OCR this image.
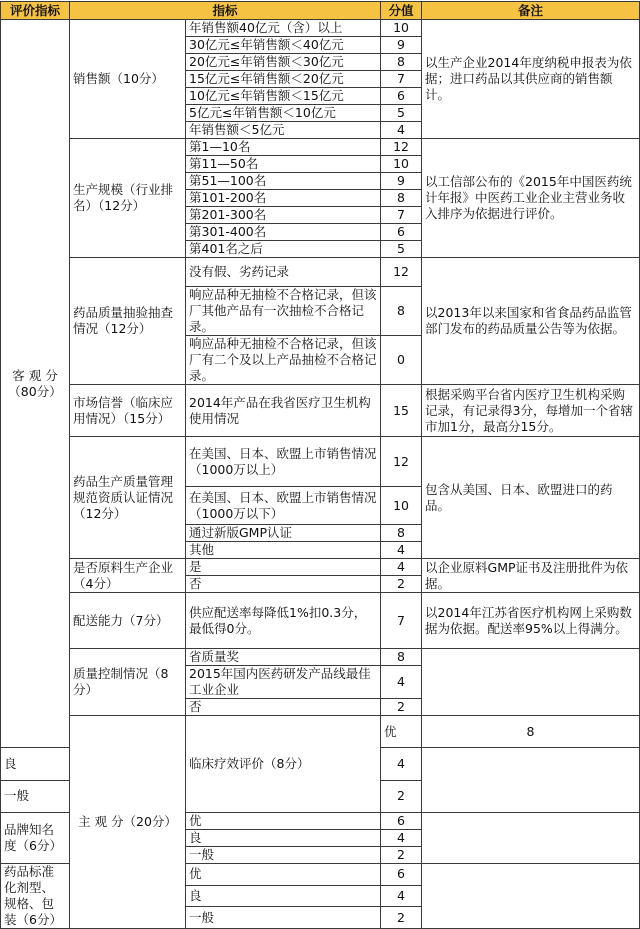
评价指标	指标		分值	备注	
客 观 分（80分）	销售额（10分）	年销售额40亿元（含）以上	10	以生产企业2014年度纳税申报表为依据；进口药品以其供应商的销售额计。	
		30亿元≤年销售额＜40亿元	9		
		20亿元≤年销售额＜30亿元	8		
		15亿元≤年销售额＜20亿元	7		
		10亿元≤年销售额＜15亿元	6		
		5亿元≤年销售额＜10亿元	5		
		年销售额＜5亿元	4		
	生产规模（行业排名）（12分）	第1—10名	12	以工信部公布的《2015年中国医药统计年报》中医药工业企业主营业务收入排序为依据进行评价。	
		第11—50名	10		
		第51—100名	9		
		第101-200名	8		
		第201-300名	7		
		第301-400名	6		
		第401名之后	5		
	药品质量抽验抽查情况（12分）	没有假、劣药记录	12	以2013年以来国家和省食品药品监管部门发布的药品质量公告等为依据。	
		响应品种无抽检不合格记录，但该厂其他产品有一次抽检不合格记录。	8		
		响应品种无抽检不合格记录，但该厂有二个及以上产品抽检不合格记录。	0		
	市场信誉（临床应用情况）（15分）	2014年产品在我省医疗卫生机构使用情况	15	根据采购平台省内医疗卫生机构采购记录，有记录得3分，每增加一个省辖市加1分，最高分15分。	
	药品生产质量管理规范资质认证情况（12分）	在美国、日本、欧盟上市销售情况（1000万以上）	12	包含从美国、日本、欧盟进口的药品。	
		在美国、日本、欧盟上市销售情况（1000万以下）	10		
		通过新版GMP认证	8		
		其他	4		
	是否原料生产企业（4分）	是	4	以企业原料GMP证书及注册批件为依据。	
		否	2		
	配送能力（7分）	供应配送率每降低1%扣0.3分，最低得0分。	7	以2014年江苏省医疗机构网上采购数据为依据。配送率95%以上得满分。	
	质量控制情况（8分）	省质量奖	8		
		2015年国内医药研发产品线最佳工业企业	4		
		否	2		
	主 观 分（20分）	临床疗效评价（8分）	优	8	
良			4		
一般			2		
品牌知名度（6分）		优	6		
		良	4		
		一般	2		
药品标准化剂型、规格、包装（6分）		优	6		
		良	4		
		一般	2		
